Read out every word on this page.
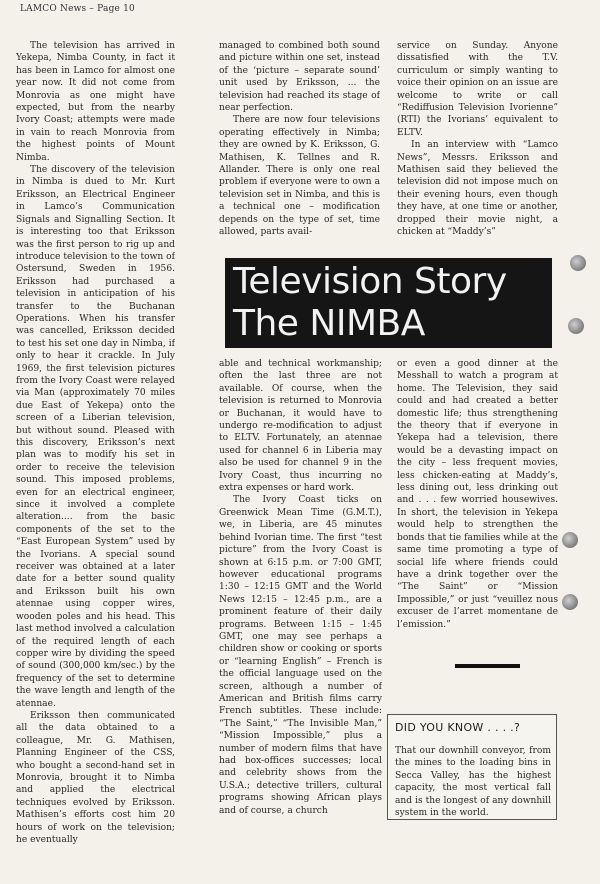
LAMCO News – Page 10

The television has arrived in Yekepa, Nimba County, in fact it has been in Lamco for almost one year now. It did not come from Monrovia as one might have expected, but from the nearby Ivory Coast; attempts were made in vain to reach Monrovia from the highest points of Mount Nimba.

The discovery of the television in Nimba is dued to Mr. Kurt Eriksson, an Electrical Engineer in Lamco’s Communication Signals and Signalling Section. It is interesting too that Eriksson was the first person to rig up and introduce television to the town of Ostersund, Sweden in 1956. Eriksson had purchased a television in anticipation of his transfer to the Buchanan Operations. When his transfer was cancelled, Eriksson decided to test his set one day in Nimba, if only to hear it crackle. In July 1969, the first television pictures from the Ivory Coast were relayed via Man (approximately 70 miles due East of Yekepa) onto the screen of a Liberian television, but without sound. Pleased with this discovery, Eriksson’s next plan was to modify his set in order to receive the television sound. This imposed problems, even for an electrical engineer, since it involved a complete alteration.... from the basic components of the set to the “East European System” used by the Ivorians. A special sound receiver was obtained at a later date for a better sound quality and Eriksson built his own atennae using copper wires, wooden poles and his head. This last method involved a calculation of the required length of each copper wire by dividing the speed of sound (300,000 km/sec.) by the frequency of the set to determine the wave length and length of the atennae.

Eriksson then communicated all the data obtained to a colleague, Mr. G. Mathisen, Planning Engineer of the CSS, who bought a second-hand set in Monrovia, brought it to Nimba and applied the electrical techniques evolved by Eriksson. Mathisen’s efforts cost him 20 hours of work on the television; he eventually

managed to combined both sound and picture within one set, instead of the ‘picture – separate sound’ unit used by Eriksson, ... the television had reached its stage of near perfection.

There are now four televisions operating effectively in Nimba; they are owned by K. Eriksson, G. Mathisen, K. Tellnes and R. Allander. There is only one real problem if everyone were to own a television set in Nimba, and this is a technical one – modification depends on the type of set, time allowed, parts avail-

service on Sunday. Anyone dissatisfied with the T.V. curriculum or simply wanting to voice their opinion on an issue are welcome to write or call “Rediffusion Television Ivorienne” (RTI) the Ivorians’ equivalent to ELTV.

In an interview with “Lamco News”, Messrs. Eriksson and Mathisen said they believed the television did not impose much on their evening hours, even though they have, at one time or another, dropped their movie night, a chicken at “Maddy’s”

Television Story
The NIMBA

able and technical workmanship; often the last three are not available. Of course, when the television is returned to Monrovia or Buchanan, it would have to undergo re-modification to adjust to ELTV. Fortunately, an atennae used for channel 6 in Liberia may also be used for channel 9 in the Ivory Coast, thus incurring no extra expenses or hard work.

The Ivory Coast ticks on Greenwick Mean Time (G.M.T.), we, in Liberia, are 45 minutes behind Ivorian time. The first “test picture” from the Ivory Coast is shown at 6:15 p.m. or 7:00 GMT, however educational programs 1:30 – 12:15 GMT and the World News 12:15 – 12:45 p.m., are a prominent feature of their daily programs. Between 1:15 – 1:45 GMT, one may see perhaps a children show or cooking or sports or “learning English” – French is the official language used on the screen, although a number of American and British films carry French subtitles. These include: “The Saint,” “The Invisible Man,” “Mission Impossible,” plus a number of modern films that have had box-offices successes; local and celebrity shows from the U.S.A.; detective trillers, cultural programs showing African plays and of course, a church

or even a good dinner at the Messhall to watch a program at home. The Television, they said could and had created a better domestic life; thus strengthening the theory that if everyone in Yekepa had a television, there would be a devasting impact on the city – less frequent movies, less chicken-eating at Maddy’s, less dining out, less drinking out and . . . few worried housewives. In short, the television in Yekepa would help to strengthen the bonds that tie families while at the same time promoting a type of social life where friends could have a drink together over the “The Saint” or “Mission Impossible,” or just “veuillez nous excuser de l’arret momentane de l’emission.”

DID YOU KNOW . . . .?
That our downhill conveyor, from the mines to the loading bins in Secca Valley, has the highest capacity, the most vertical fall and is the longest of any downhill system in the world.
